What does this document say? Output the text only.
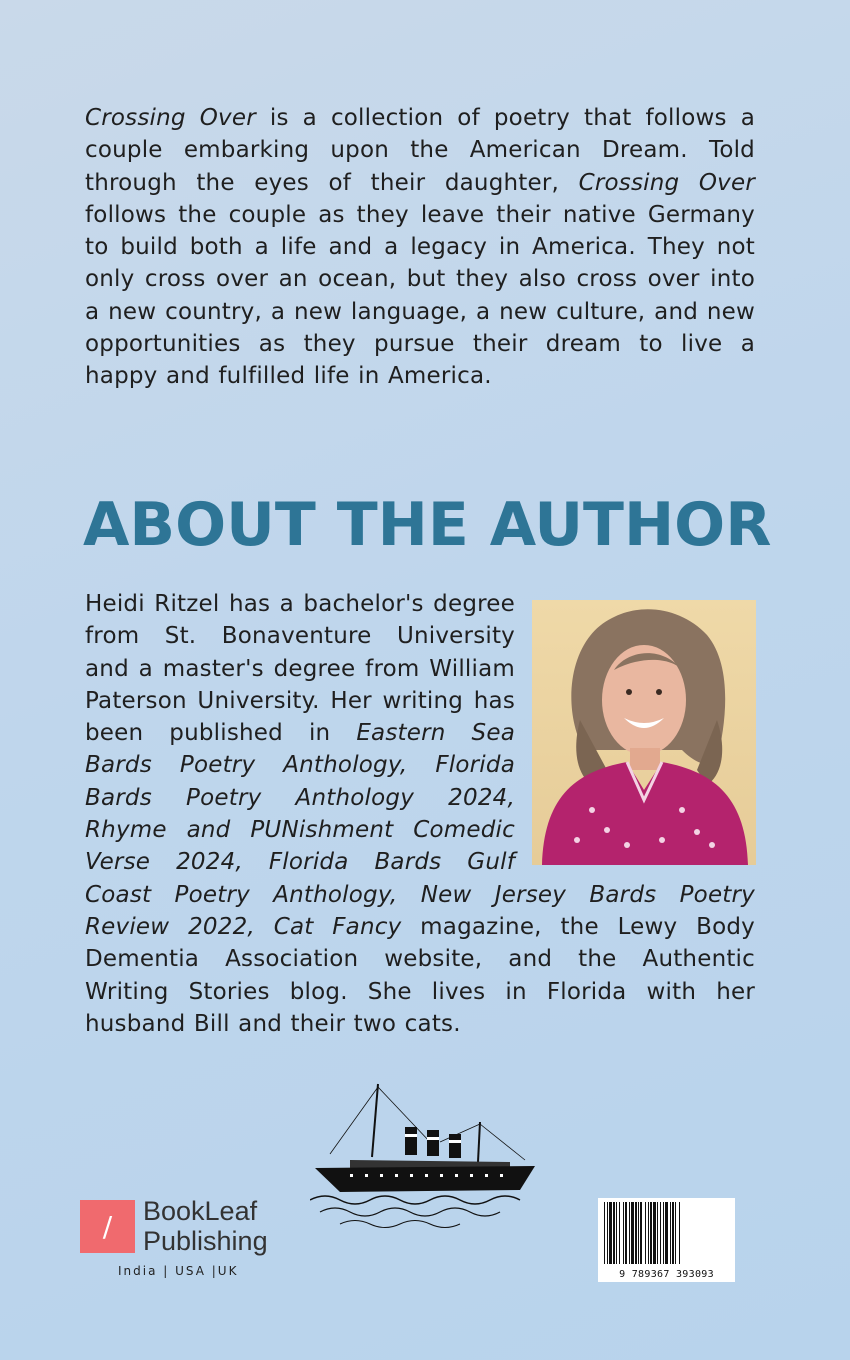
Crossing Over is a collection of poetry that follows a couple embarking upon the American Dream. Told through the eyes of their daughter, Crossing Over follows the couple as they leave their native Germany to build both a life and a legacy in America. They not only cross over an ocean, but they also cross over into a new country, a new language, a new culture, and new opportunities as they pursue their dream to live a happy and fulfilled life in America.
ABOUT THE AUTHOR
Heidi Ritzel has a bachelor's degree from St. Bonaventure University and a master's degree from William Paterson University. Her writing has been published in Eastern Sea Bards Poetry Anthology, Florida Bards Poetry Anthology 2024, Rhyme and PUNishment Comedic Verse 2024, Florida Bards Gulf Coast Poetry Anthology, New Jersey Bards Poetry Review 2022, Cat Fancy magazine, the Lewy Body Dementia Association website, and the Authentic Writing Stories blog. She lives in Florida with her husband Bill and their two cats.
/	BookLeaf
Publishing
India | USA |UK	9 789367 393093
